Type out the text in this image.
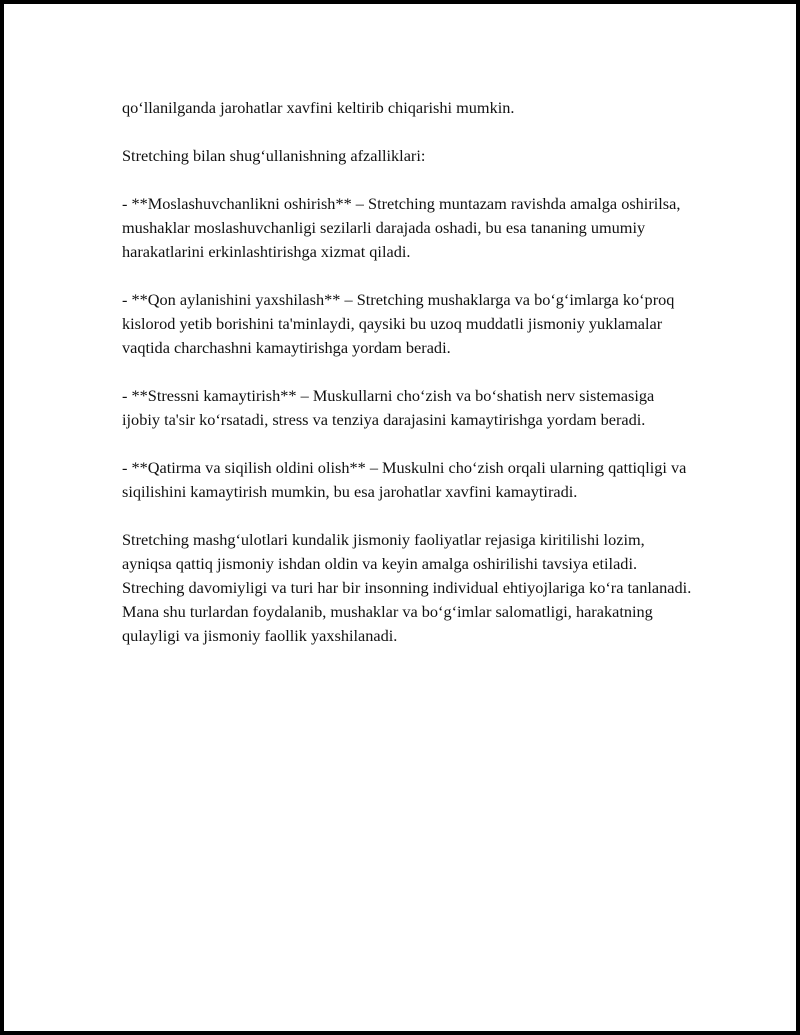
qo‘llanilganda jarohatlar xavfini keltirib chiqarishi mumkin.

Stretching bilan shug‘ullanishning afzalliklari:

- **Moslashuvchanlikni oshirish** – Stretching muntazam ravishda amalga oshirilsa, mushaklar moslashuvchanligi sezilarli darajada oshadi, bu esa tananing umumiy harakatlarini erkinlashtirishga xizmat qiladi.

- **Qon aylanishini yaxshilash** – Stretching mushaklarga va bo‘g‘imlarga ko‘proq kislorod yetib borishini ta'minlaydi, qaysiki bu uzoq muddatli jismoniy yuklamalar vaqtida charchashni kamaytirishga yordam beradi.

- **Stressni kamaytirish** – Muskullarni cho‘zish va bo‘shatish nerv sistemasiga ijobiy ta'sir ko‘rsatadi, stress va tenziya darajasini kamaytirishga yordam beradi.

- **Qatirma va siqilish oldini olish** – Muskulni cho‘zish orqali ularning qattiqligi va siqilishini kamaytirish mumkin, bu esa jarohatlar xavfini kamaytiradi.

Stretching mashg‘ulotlari kundalik jismoniy faoliyatlar rejasiga kiritilishi lozim, ayniqsa qattiq jismoniy ishdan oldin va keyin amalga oshirilishi tavsiya etiladi. Streching davomiyligi va turi har bir insonning individual ehtiyojlariga ko‘ra tanlanadi. Mana shu turlardan foydalanib, mushaklar va bo‘g‘imlar salomatligi, harakatning qulayligi va jismoniy faollik yaxshilanadi.
